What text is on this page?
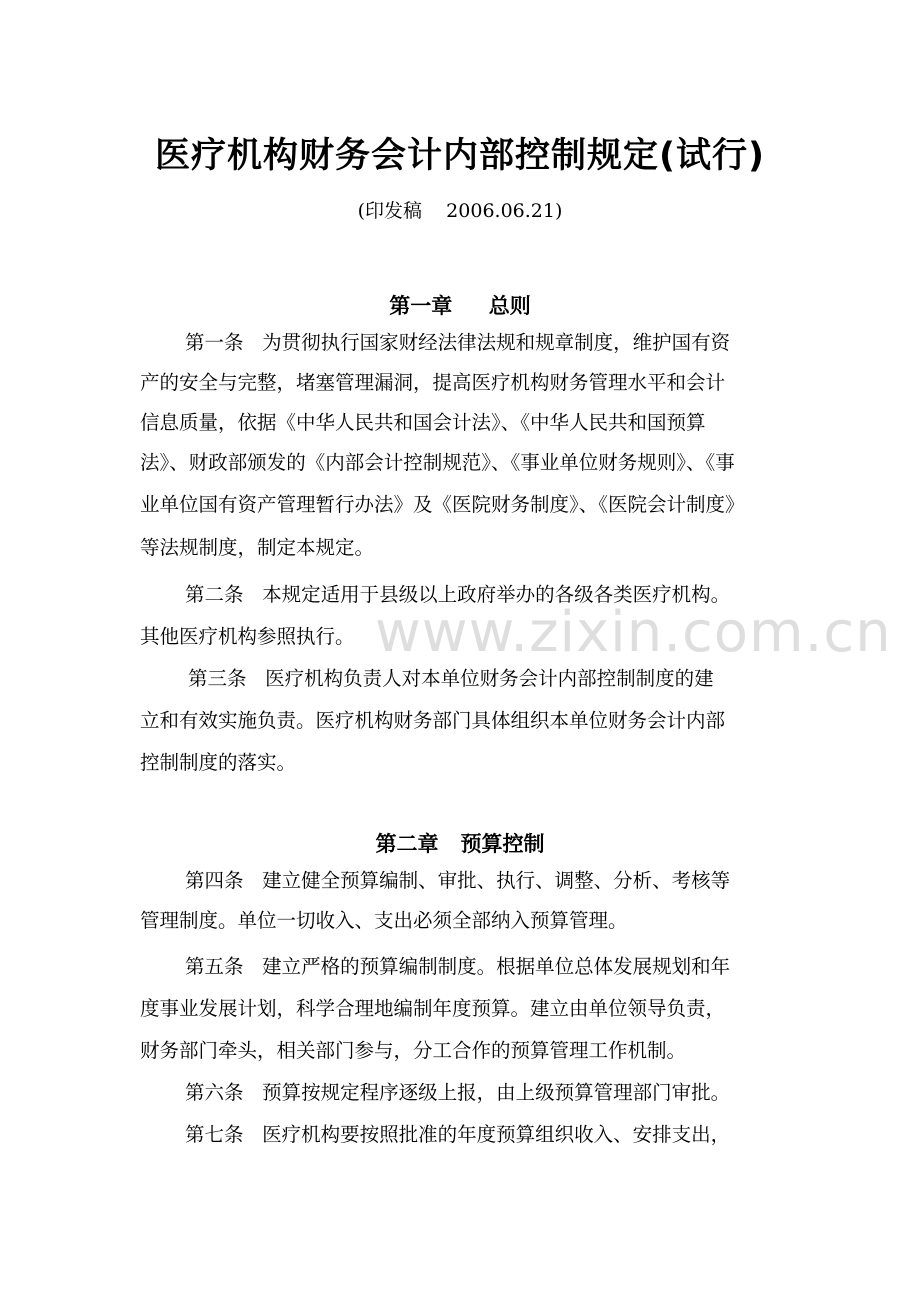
医疗机构财务会计内部控制规定(试行)
(印发稿    2006.06.21)
第一章     总则
第一条   为贯彻执行国家财经法律法规和规章制度，维护国有资
产的安全与完整，堵塞管理漏洞，提高医疗机构财务管理水平和会计
信息质量，依据《中华人民共和国会计法》、《中华人民共和国预算
法》、财政部颁发的《内部会计控制规范》、《事业单位财务规则》、《事
业单位国有资产管理暂行办法》及《医院财务制度》、《医院会计制度》
等法规制度，制定本规定。
第二条   本规定适用于县级以上政府举办的各级各类医疗机构。
其他医疗机构参照执行。
第三条   医疗机构负责人对本单位财务会计内部控制制度的建
立和有效实施负责。医疗机构财务部门具体组织本单位财务会计内部
控制制度的落实。
第二章   预算控制
第四条   建立健全预算编制、审批、执行、调整、分析、考核等
管理制度。单位一切收入、支出必须全部纳入预算管理。
第五条   建立严格的预算编制制度。根据单位总体发展规划和年
度事业发展计划，科学合理地编制年度预算。建立由单位领导负责，
财务部门牵头，相关部门参与，分工合作的预算管理工作机制。
第六条   预算按规定程序逐级上报，由上级预算管理部门审批。
第七条   医疗机构要按照批准的年度预算组织收入、安排支出，
www.zixin.com.cn
